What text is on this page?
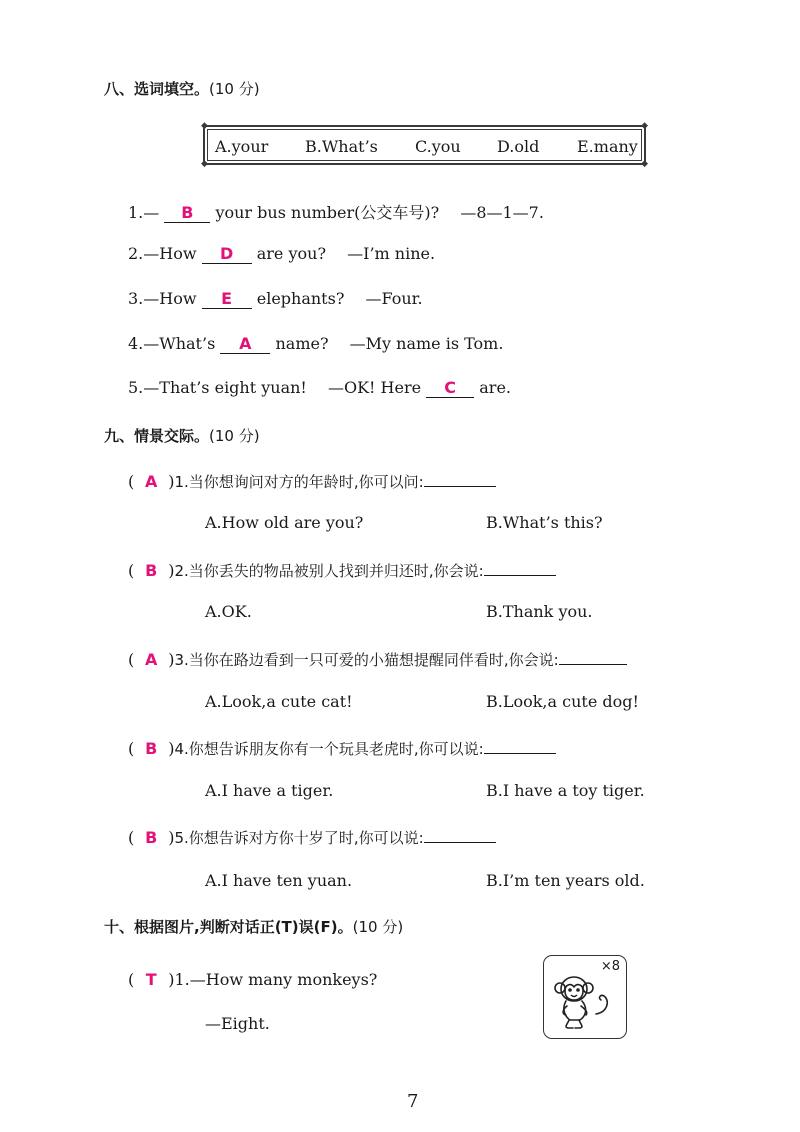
八、选词填空。(10 分)
◆	◆
◆	◆
A.your B.What’s C.you D.old E.many
1.— B your bus number(公交车号)? —8—1—7.
2.—How D are you? —I’m nine.
3.—How E elephants? —Four.
4.—What’s A name? —My name is Tom.
5.—That’s eight yuan! —OK! Here C are.
九、情景交际。(10 分)
( A )1.当你想询问对方的年龄时,你可以问:
A.How old are you?	B.What’s this?
( B )2.当你丢失的物品被别人找到并归还时,你会说:
A.OK.	B.Thank you.
( A )3.当你在路边看到一只可爱的小猫想提醒同伴看时,你会说:
A.Look,a cute cat!	B.Look,a cute dog!
( B )4.你想告诉朋友你有一个玩具老虎时,你可以说:
A.I have a tiger.	B.I have a toy tiger.
( B )5.你想告诉对方你十岁了时,你可以说:
A.I have ten yuan.	B.I’m ten years old.
十、根据图片,判断对话正(T)误(F)。(10 分)
( T )1.—How many monkeys?
—Eight.
×8
7
